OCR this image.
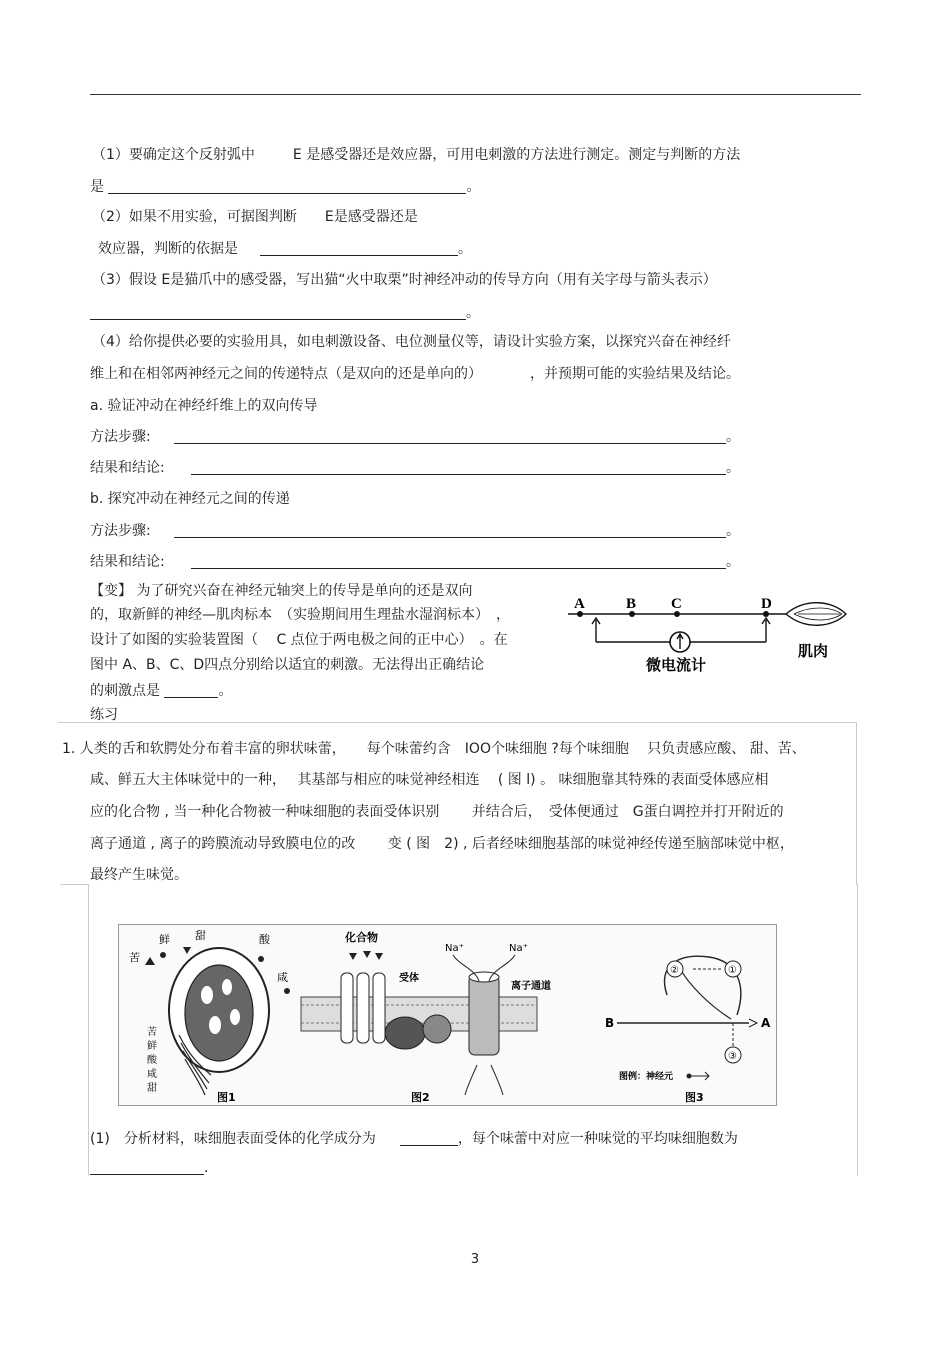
（1）要确定这个反射弧中	E 是感受器还是效应器，可用电刺激的方法进行测定。测定与判断的方法
是	。
（2）如果不用实验，可据图判断 E是感受器还是
效应器，判断的依据是	。
（3）假设 E是猫爪中的感受器，写出猫“火中取栗”时神经冲动的传导方向（用有关字母与箭头表示）
。
（4）给你提供必要的实验用具，如电刺激设备、电位测量仪等，请设计实验方案，以探究兴奋在神经纤
维上和在相邻两神经元之间的传递特点（是双向的还是单向的）	，并预期可能的实验结果及结论。
a. 验证冲动在神经纤维上的双向传导
方法步骤:	。
结果和结论:	。
b. 探究冲动在神经元之间的传递
方法步骤:	。
结果和结论:	。
【变】 为了研究兴奋在神经元轴突上的传导是单向的还是双向
的，取新鲜的神经—肌肉标本　（实验期间用生理盐水湿润标本）　，
设计了如图的实验装置图（　 C 点位于两电极之间的正中心）　。在
图中 A、B、C、D四点分别给以适宜的刺激。无法得出正确结论
的刺激点是	。
A	B C	D
微电流计
肌肉
练习
1. 人类的舌和软腭处分布着丰富的卵状味蕾，　　每个味蕾约含　IOO个味细胞 ?每个味细胞　 只负责感应酸、 甜、苦、
咸、鲜五大主体味觉中的一种，　 其基部与相应的味觉神经相连　 ( 图 l) 。 味细胞靠其特殊的表面受体感应相
应的化合物 , 当一种化合物被一种味细胞的表面受体识别　　 并结合后，　受体便通过　G蛋白调控并打开附近的
离子通道 , 离子的跨膜流动导致膜电位的改　　 变 ( 图　2) , 后者经味细胞基部的味觉神经传递至脑部味觉中枢，
最终产生味觉。
苦
鲜 甜	酸
咸
苦
鲜
酸
咸
甜
图1
化合物
Na⁺	Na⁺
受体
离子通道
图2
B	A
②	①
③
图例：神经元
图3
(1)　分析材料，味细胞表面受体的化学成分为	，每个味蕾中对应一种味觉的平均味细胞数为
.
3
